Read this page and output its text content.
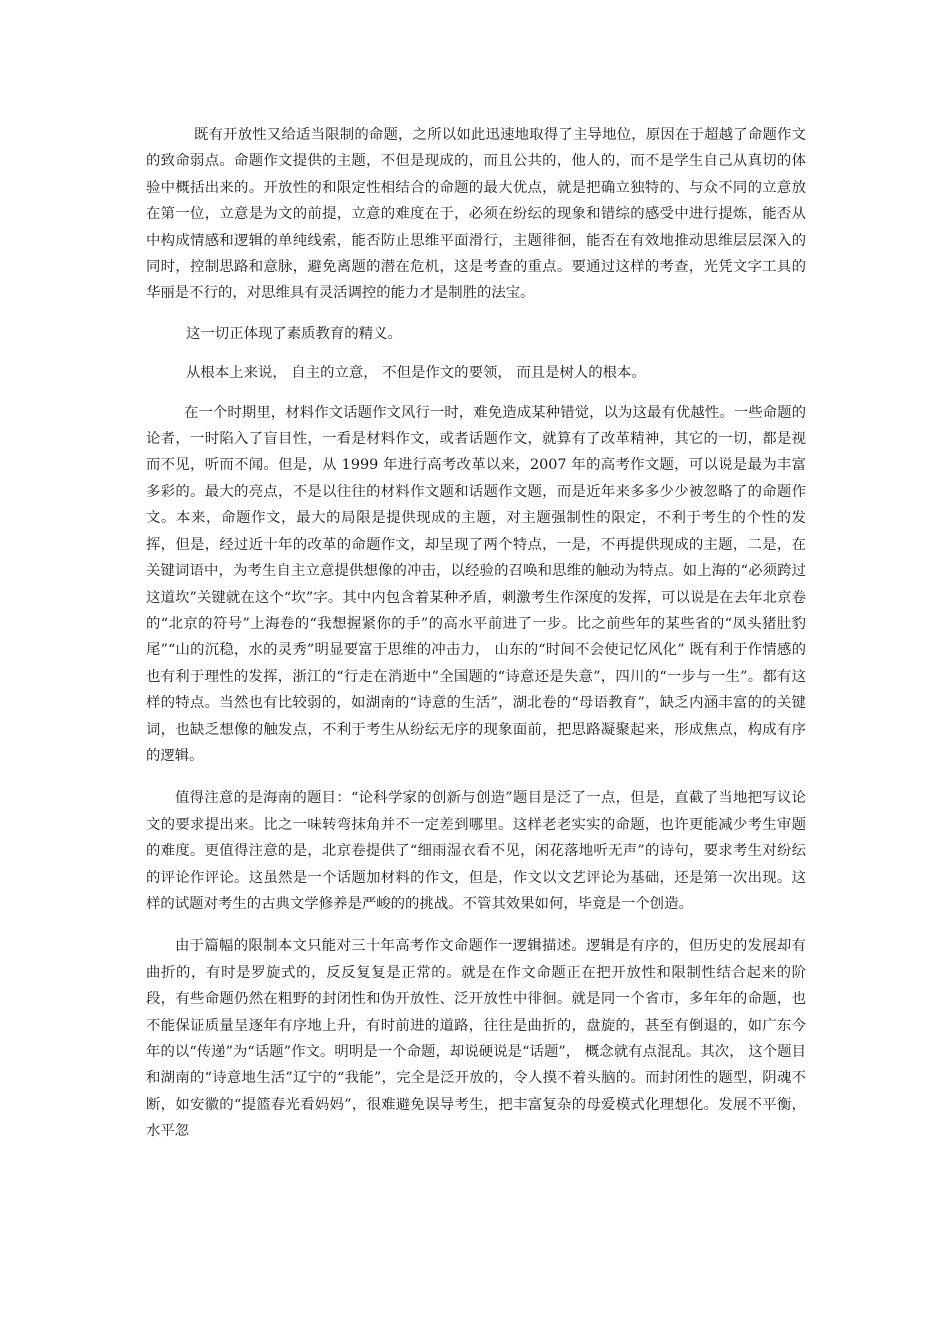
既有开放性又给适当限制的命题，之所以如此迅速地取得了主导地位，原因在于超越了命题作文的致命弱点。命题作文提供的主题，不但是现成的，而且公共的，他人的，而不是学生自己从真切的体验中概括出来的。开放性的和限定性相结合的命题的最大优点，就是把确立独特的、与众不同的立意放在第一位，立意是为文的前提，立意的难度在于，必须在纷纭的现象和错综的感受中进行提炼，能否从中构成情感和逻辑的单纯线索，能否防止思维平面滑行，主题徘徊，能否在有效地推动思维层层深入的同时，控制思路和意脉，避免离题的潜在危机，这是考查的重点。要通过这样的考查，光凭文字工具的华丽是不行的，对思维具有灵活调控的能力才是制胜的法宝。

这一切正体现了素质教育的精义。

从根本上来说， 自主的立意， 不但是作文的要领， 而且是树人的根本。

在一个时期里，材料作文话题作文风行一时，难免造成某种错觉，以为这最有优越性。一些命题的论者，一时陷入了盲目性，一看是材料作文，或者话题作文，就算有了改革精神，其它的一切，都是视而不见，听而不闻。但是，从 1999 年进行高考改革以来，2007 年的高考作文题，可以说是最为丰富多彩的。最大的亮点，不是以往往的材料作文题和话题作文题，而是近年来多多少少被忽略了的命题作文。本来，命题作文，最大的局限是提供现成的主题，对主题强制性的限定，不利于考生的个性的发挥，但是，经过近十年的改革的命题作文，却呈现了两个特点，一是，不再提供现成的主题，二是，在关键词语中，为考生自主立意提供想像的冲击，以经验的召唤和思维的触动为特点。如上海的“必须跨过这道坎”关键就在这个“坎”字。其中内包含着某种矛盾，刺激考生作深度的发挥，可以说是在去年北京卷的“北京的符号”上海卷的“我想握紧你的手”的高水平前进了一步。比之前些年的某些省的“凤头猪肚豹尾”“山的沉稳，水的灵秀”明显要富于思维的冲击力， 山东的“时间不会使记忆风化” 既有利于作情感的也有利于理性的发挥，浙江的“行走在消逝中”全国题的“诗意还是失意”，四川的“一步与一生”。都有这样的特点。当然也有比较弱的，如湖南的“诗意的生活”，湖北卷的“母语教育”，缺乏内涵丰富的的关键词，也缺乏想像的触发点，不利于考生从纷纭无序的现象面前，把思路凝聚起来，形成焦点，构成有序的逻辑。

值得注意的是海南的题目：“论科学家的创新与创造”题目是泛了一点，但是，直截了当地把写议论文的要求提出来。比之一味转弯抹角并不一定差到哪里。这样老老实实的命题，也许更能减少考生审题的难度。更值得注意的是，北京卷提供了“细雨湿衣看不见，闲花落地听无声”的诗句，要求考生对纷纭的评论作评论。这虽然是一个话题加材料的作文，但是，作文以文艺评论为基础，还是第一次出现。这样的试题对考生的古典文学修养是严峻的的挑战。不管其效果如何，毕竟是一个创造。

由于篇幅的限制本文只能对三十年高考作文命题作一逻辑描述。逻辑是有序的，但历史的发展却有曲折的，有时是罗旋式的，反反复复是正常的。就是在作文命题正在把开放性和限制性结合起来的阶段，有些命题仍然在粗野的封闭性和伪开放性、泛开放性中徘徊。就是同一个省市，多年年的命题，也不能保证质量呈逐年有序地上升，有时前进的道路，往往是曲折的，盘旋的，甚至有倒退的，如广东今年的以“传递”为“话题”作文。明明是一个命题，却说硬说是“话题”， 概念就有点混乱。其次， 这个题目和湖南的“诗意地生活”辽宁的“我能”，完全是泛开放的，令人摸不着头脑的。而封闭性的题型，阴魂不断，如安徽的“提篮春光看妈妈”，很难避免误导考生，把丰富复杂的母爱模式化理想化。发展不平衡，水平忽
